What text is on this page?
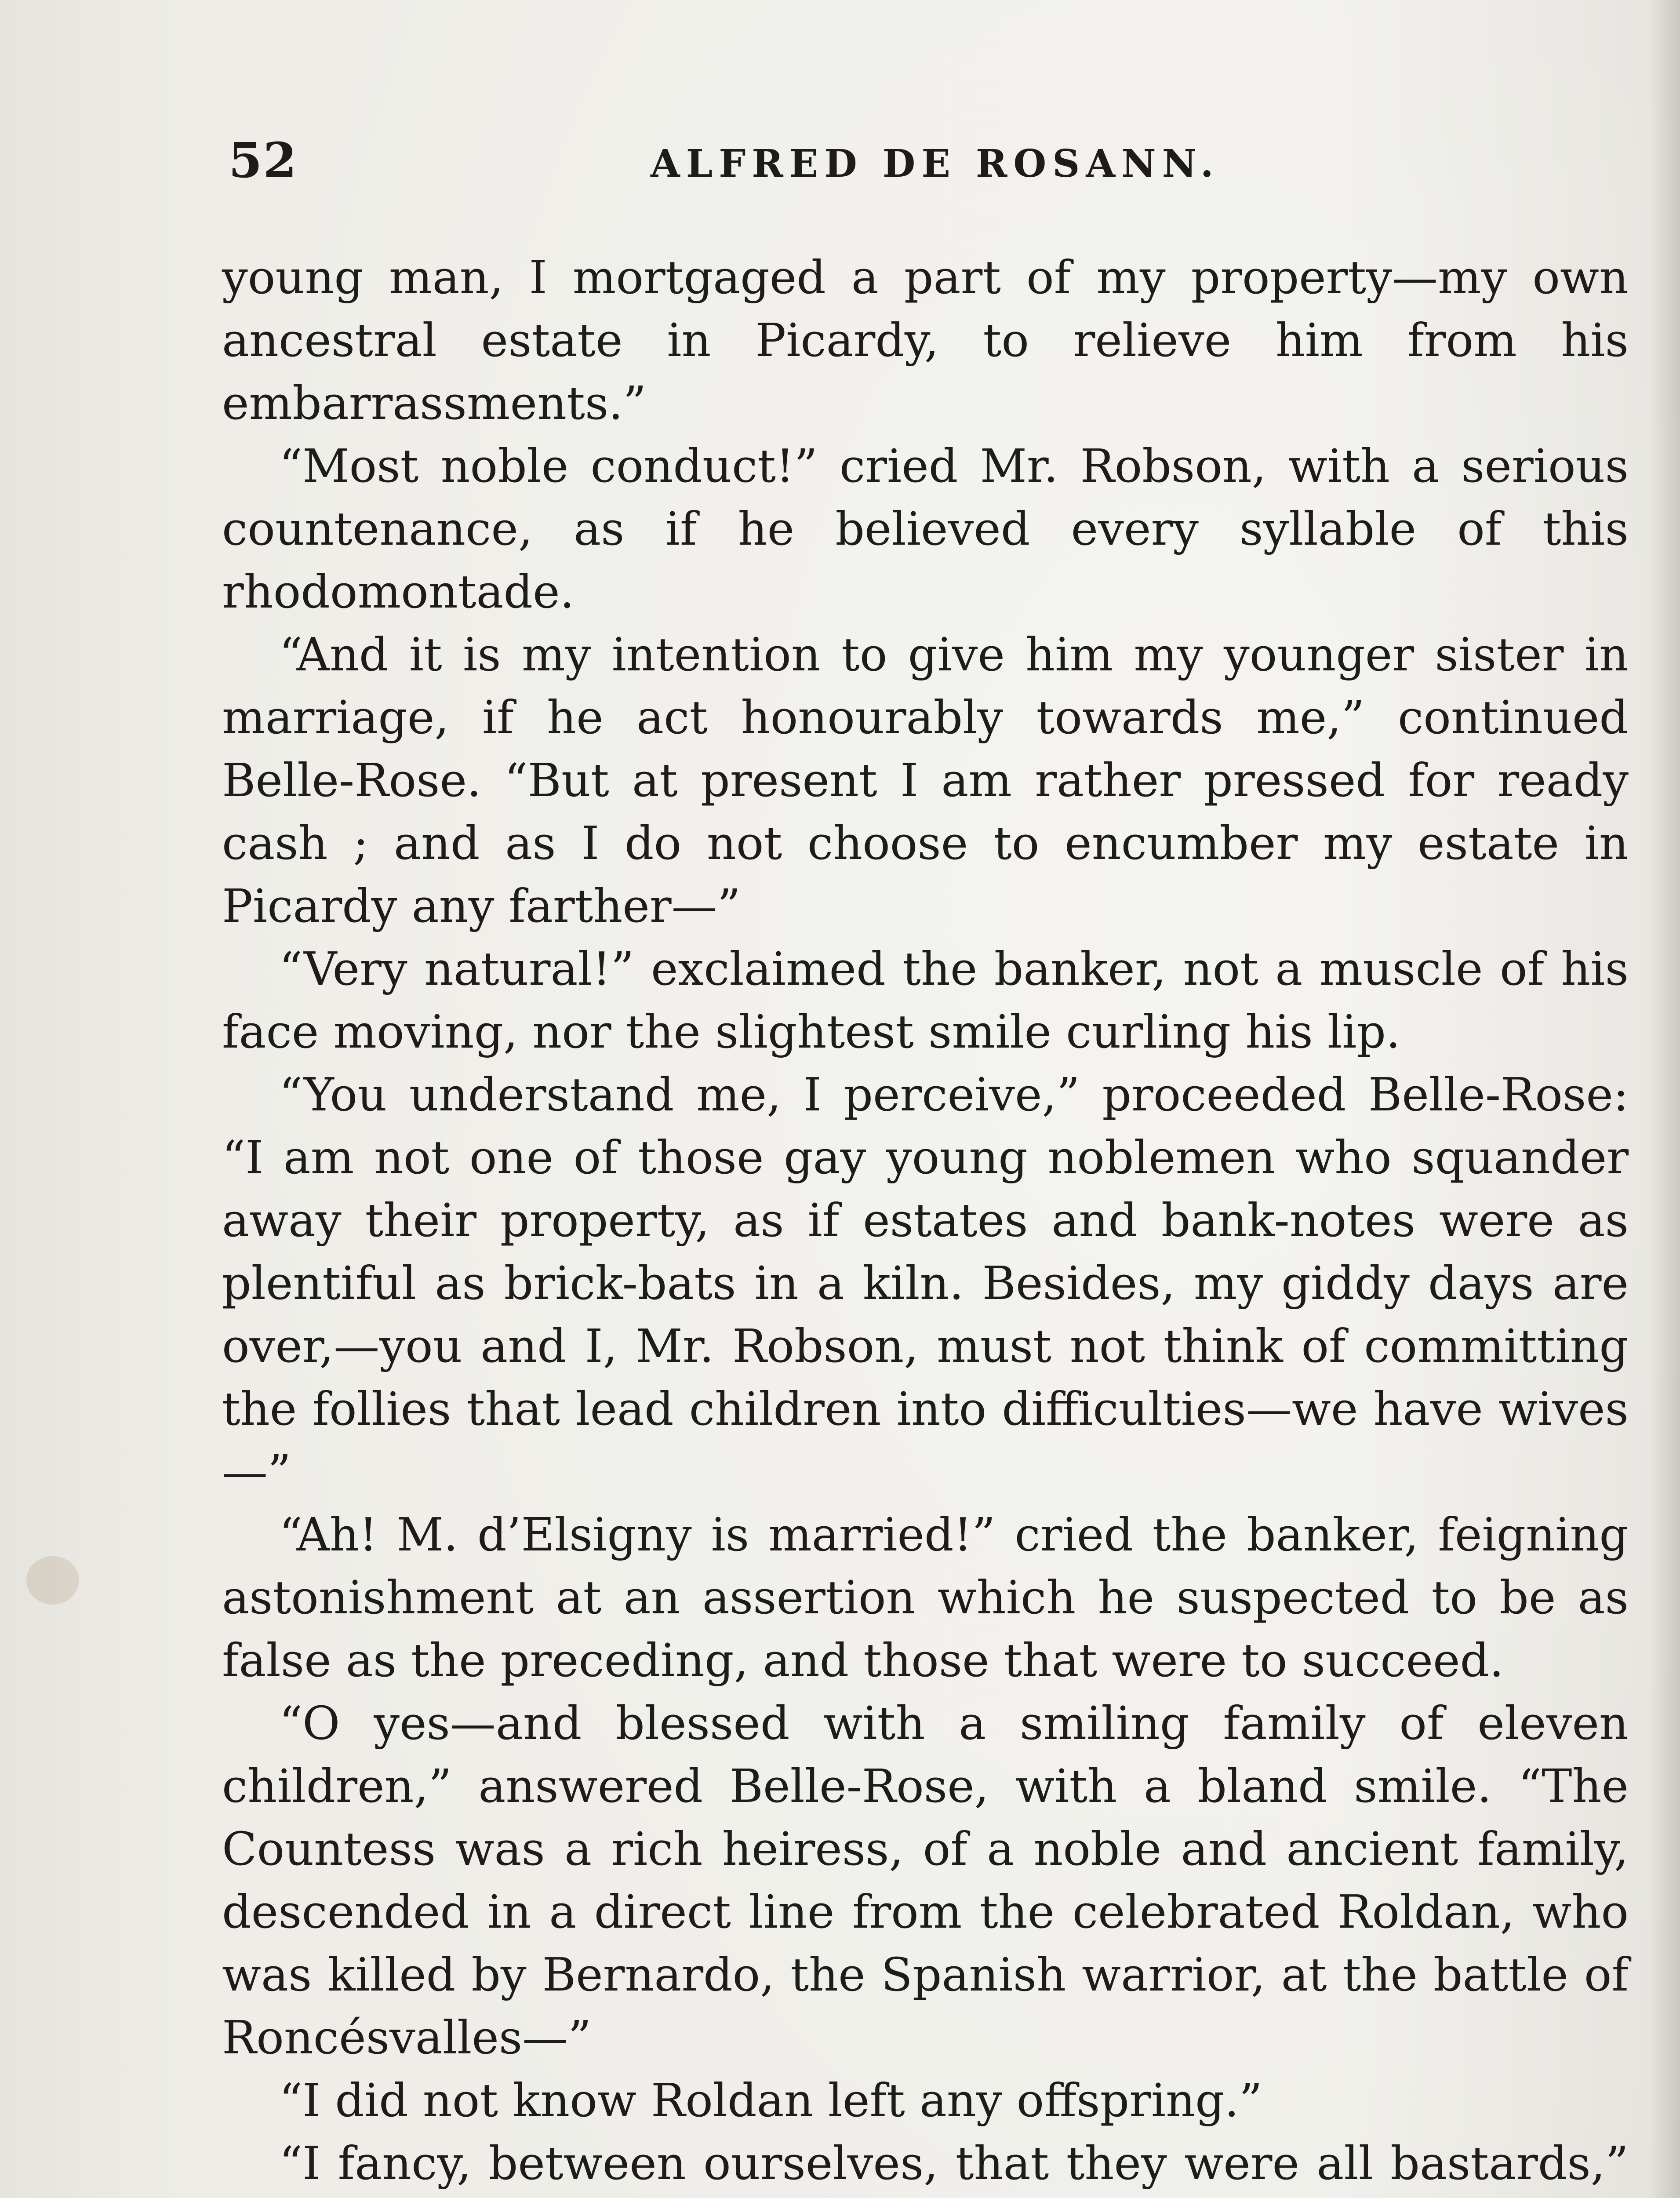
52	ALFRED DE ROSANN.

young man, I mortgaged a part of my property—my own ancestral estate in Picardy, to relieve him from his embarrassments.”

“Most noble conduct!” cried Mr. Robson, with a serious countenance, as if he believed every syllable of this rhodomontade.

“And it is my intention to give him my younger sister in marriage, if he act honourably towards me,” continued Belle-Rose. “But at present I am rather pressed for ready cash ; and as I do not choose to encumber my estate in Picardy any farther—”

“Very natural!” exclaimed the banker, not a muscle of his face moving, nor the slightest smile curling his lip.

“You understand me, I perceive,” proceeded Belle-Rose: “I am not one of those gay young noblemen who squander away their property, as if estates and bank-notes were as plentiful as brick-bats in a kiln. Besides, my giddy days are over,—you and I, Mr. Robson, must not think of committing the follies that lead children into difficulties—we have wives—”

“Ah! M. d’Elsigny is married!” cried the banker, feigning astonishment at an assertion which he suspected to be as false as the preceding, and those that were to succeed.

“O yes—and blessed with a smiling family of eleven children,” answered Belle-Rose, with a bland smile. “The Countess was a rich heiress, of a noble and ancient family, descended in a direct line from the celebrated Roldan, who was killed by Bernardo, the Spanish warrior, at the battle of Roncésvalles—”

“I did not know Roldan left any offspring.”

“I fancy, between ourselves, that they were all bastards,”
